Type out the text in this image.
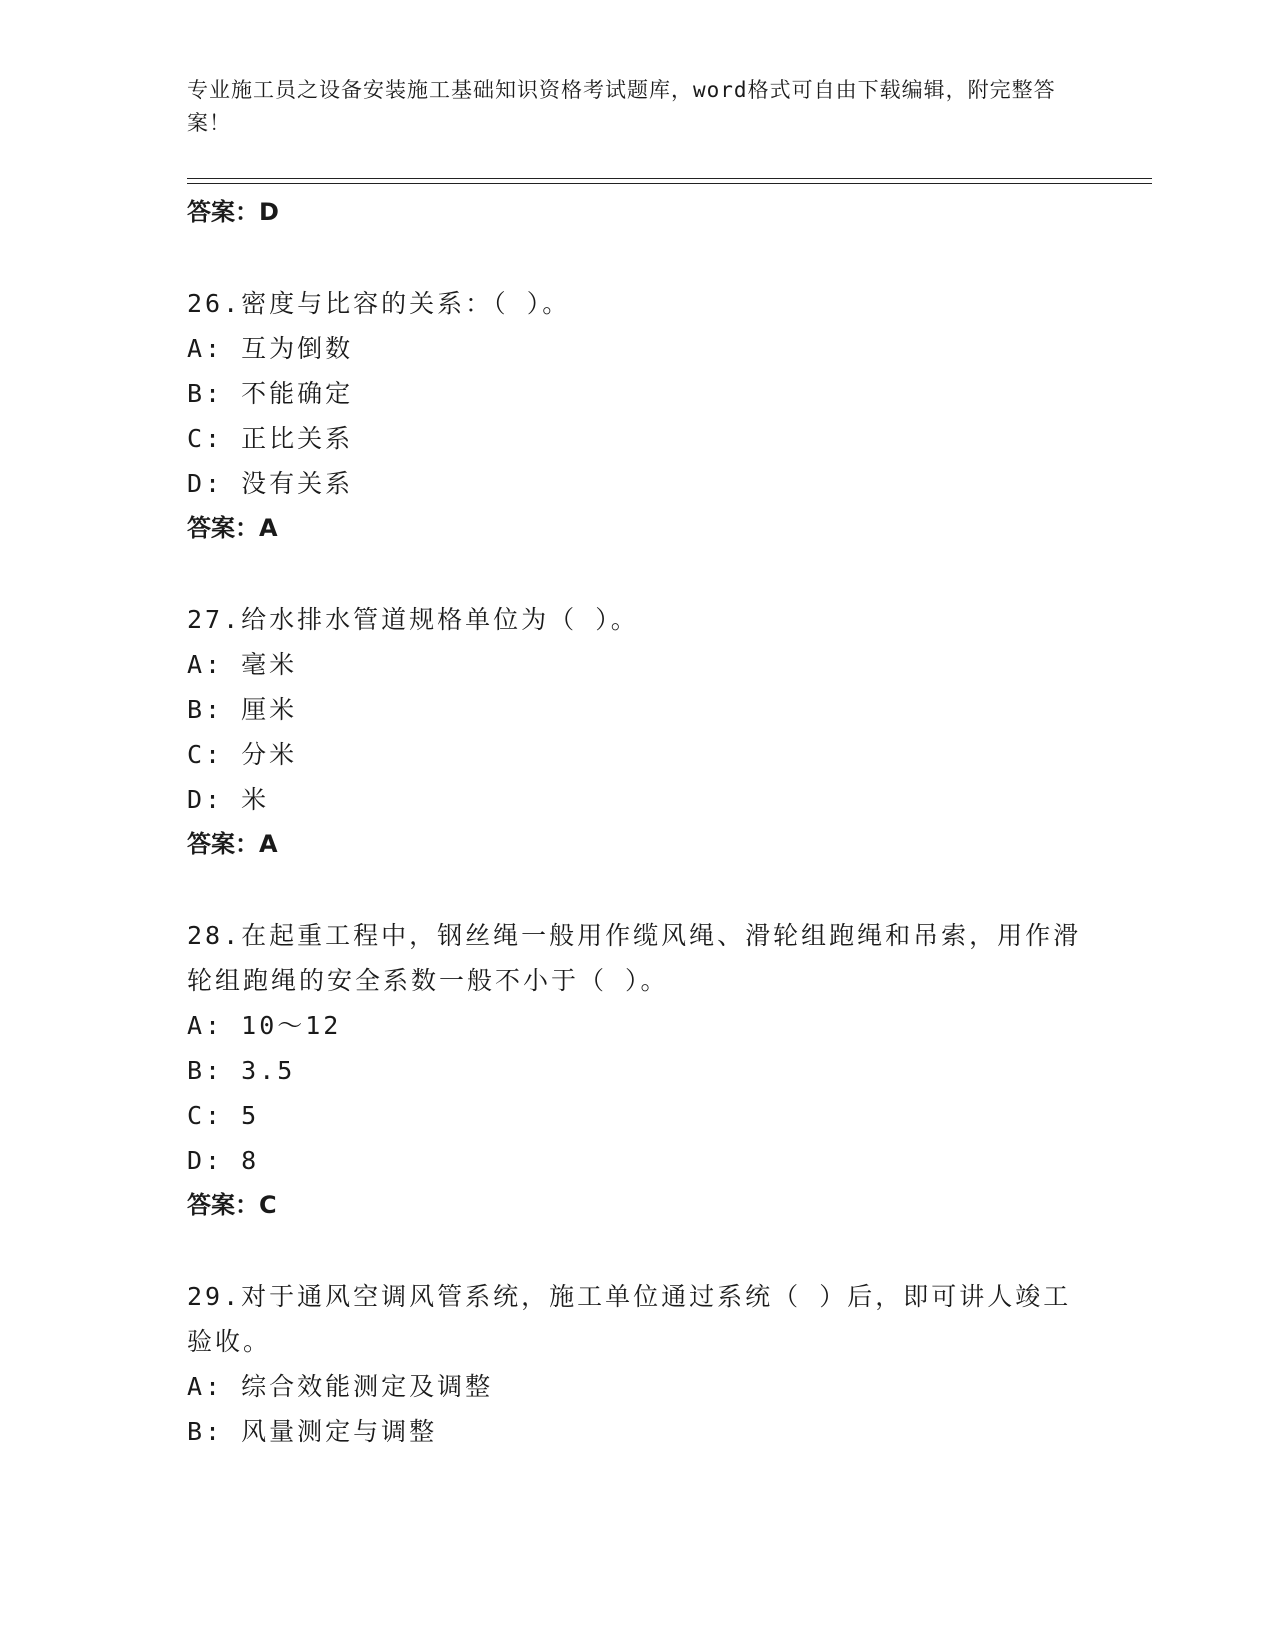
专业施工员之设备安装施工基础知识资格考试题库，word格式可自由下载编辑，附完整答案！
答案：D
26.密度与比容的关系：（ ）。
A: 互为倒数
B: 不能确定
C: 正比关系
D: 没有关系
答案：A
27.给水排水管道规格单位为（ ）。
A: 毫米
B: 厘米
C: 分米
D: 米
答案：A
28.在起重工程中，钢丝绳一般用作缆风绳、滑轮组跑绳和吊索，用作滑轮组跑绳的安全系数一般不小于（ ）。
A: 10～12
B: 3.5
C: 5
D: 8
答案：C
29.对于通风空调风管系统，施工单位通过系统（ ）后，即可讲人竣工验收。
A: 综合效能测定及调整
B: 风量测定与调整
